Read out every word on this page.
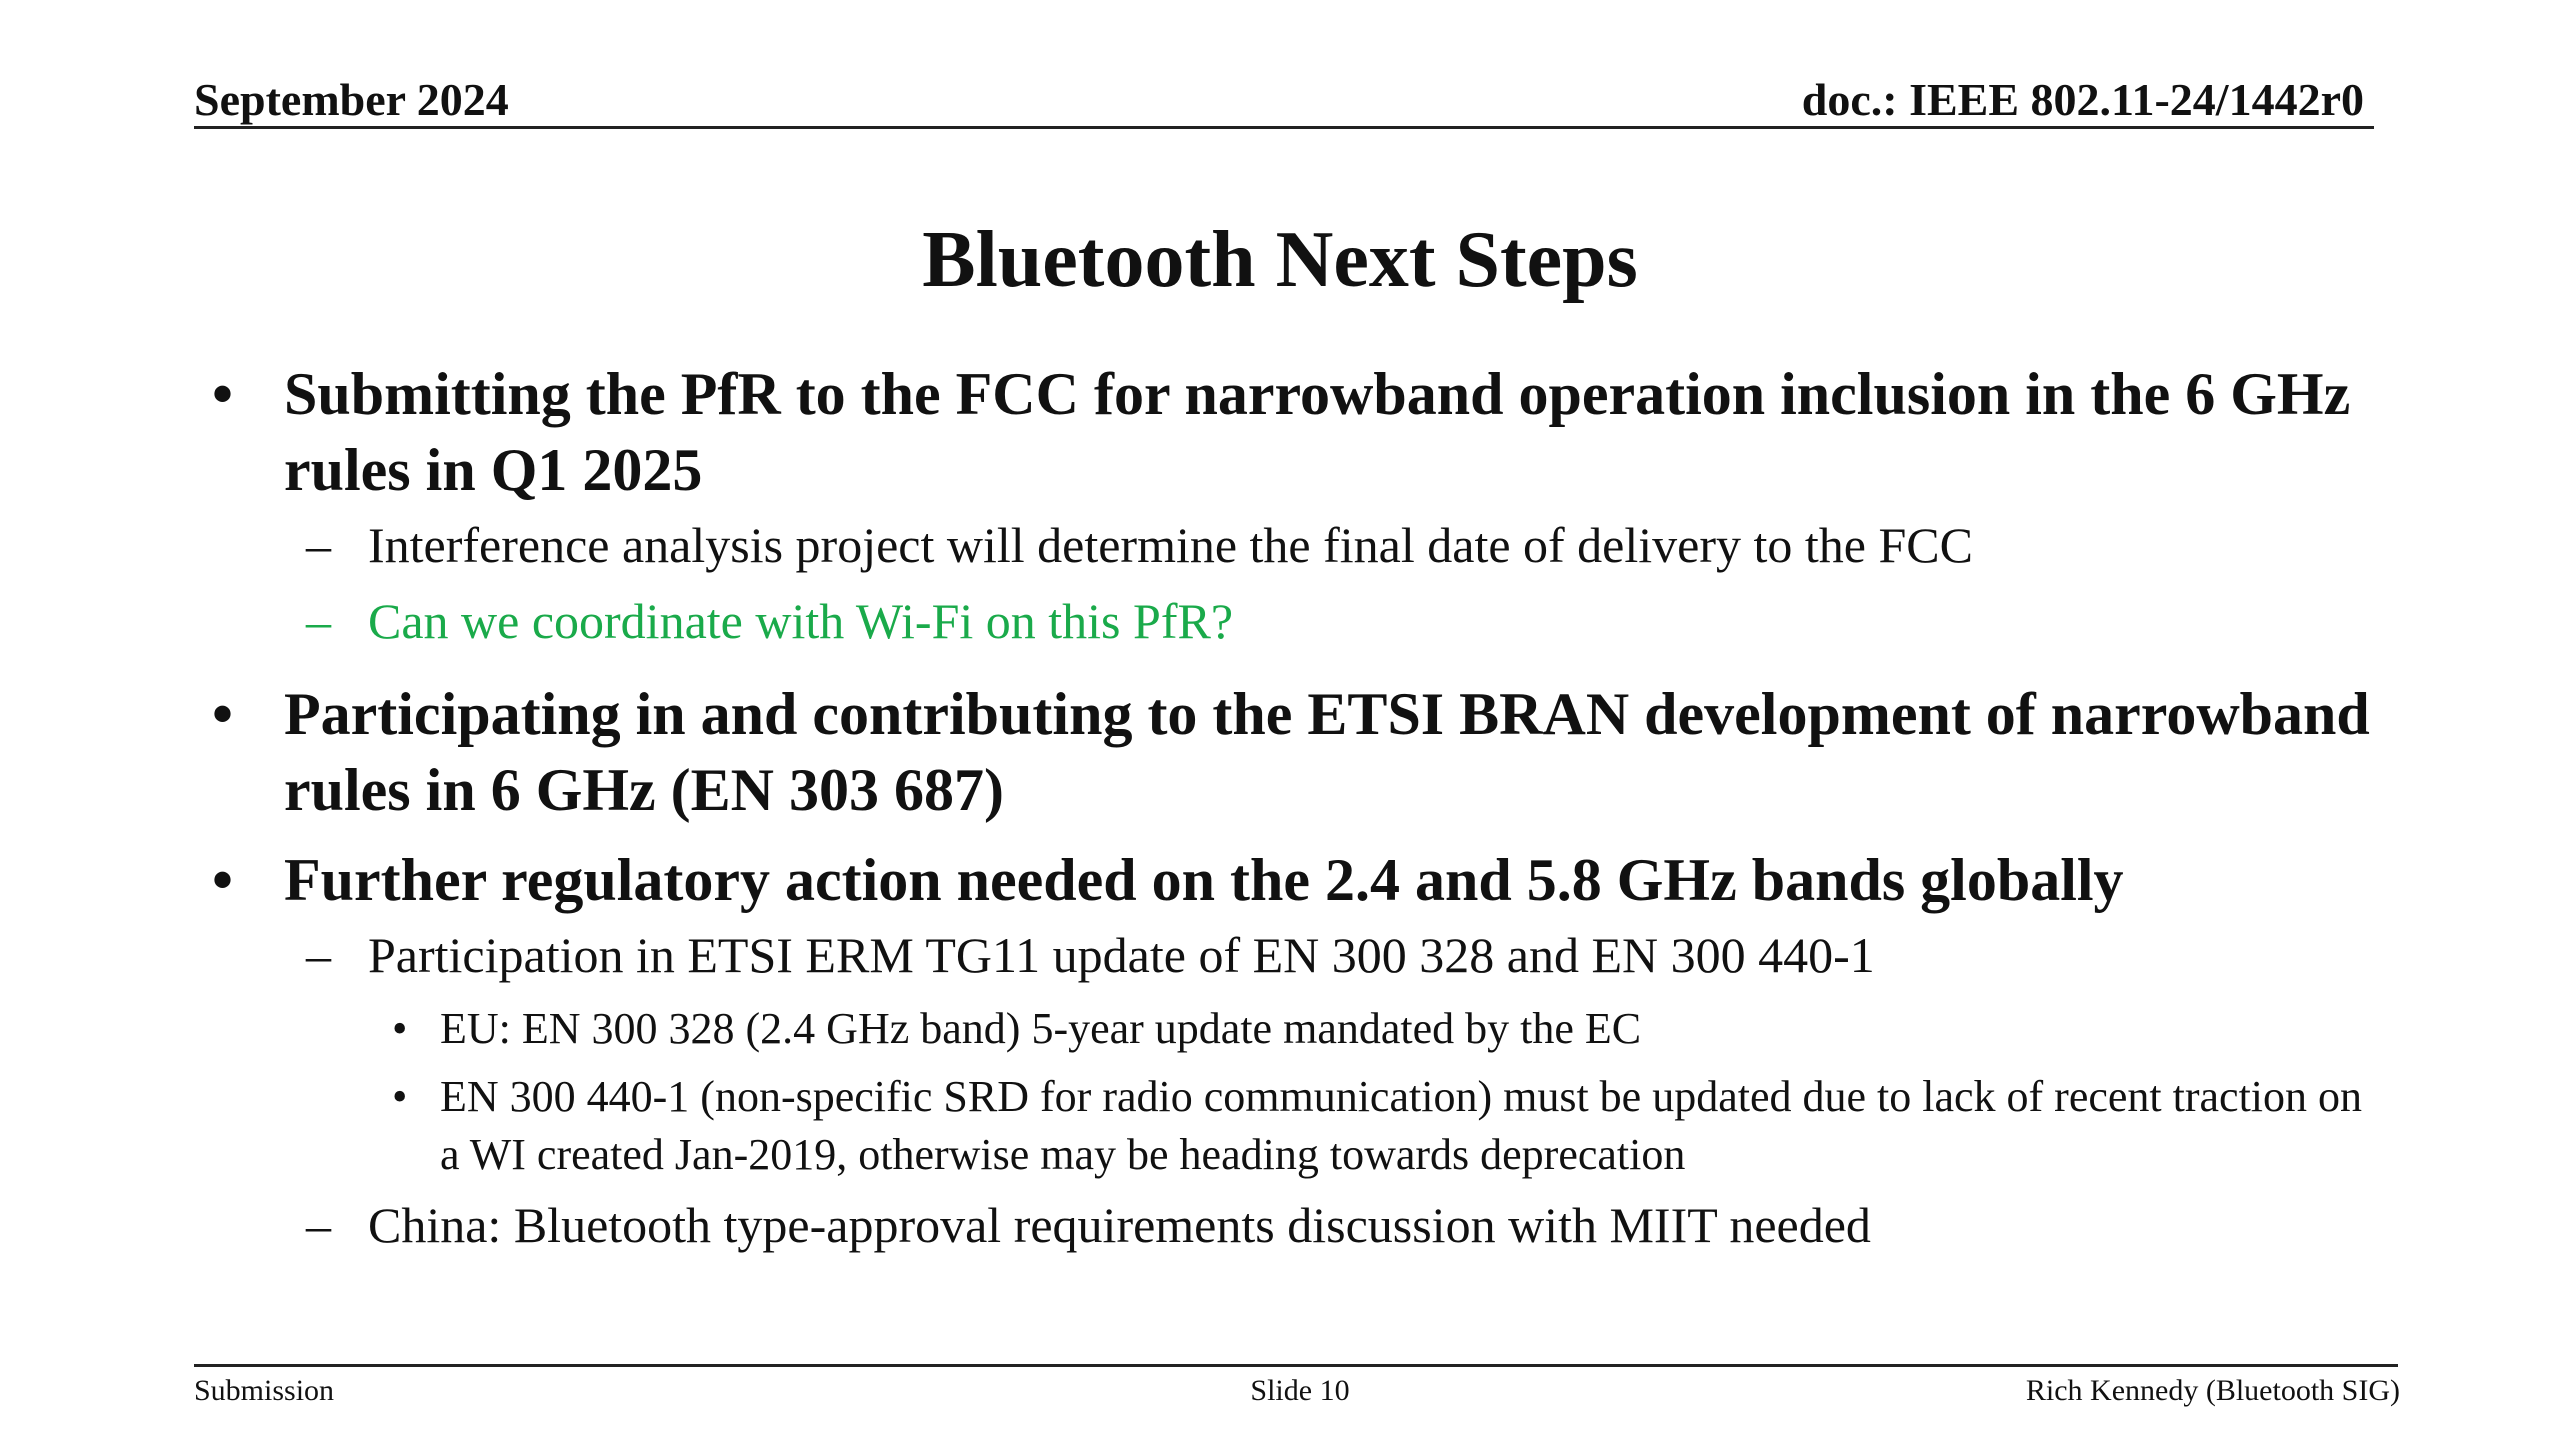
September 2024	doc.: IEEE 802.11-24/1442r0
Bluetooth Next Steps
• Submitting the PfR to the FCC for narrowband operation inclusion in the 6 GHz rules in Q1 2025
– Interference analysis project will determine the final date of delivery to the FCC
– Can we coordinate with Wi-Fi on this PfR?
• Participating in and contributing to the ETSI BRAN development of narrowband rules in 6 GHz (EN 303 687)
• Further regulatory action needed on the 2.4 and 5.8 GHz bands globally
– Participation in ETSI ERM TG11 update of EN 300 328 and EN 300 440-1
• EU: EN 300 328 (2.4 GHz band) 5-year update mandated by the EC
• EN 300 440-1 (non-specific SRD for radio communication) must be updated due to lack of recent traction on a WI created Jan-2019, otherwise may be heading towards deprecation
– China: Bluetooth type-approval requirements discussion with MIIT needed
Submission	Slide 10	Rich Kennedy (Bluetooth SIG)
